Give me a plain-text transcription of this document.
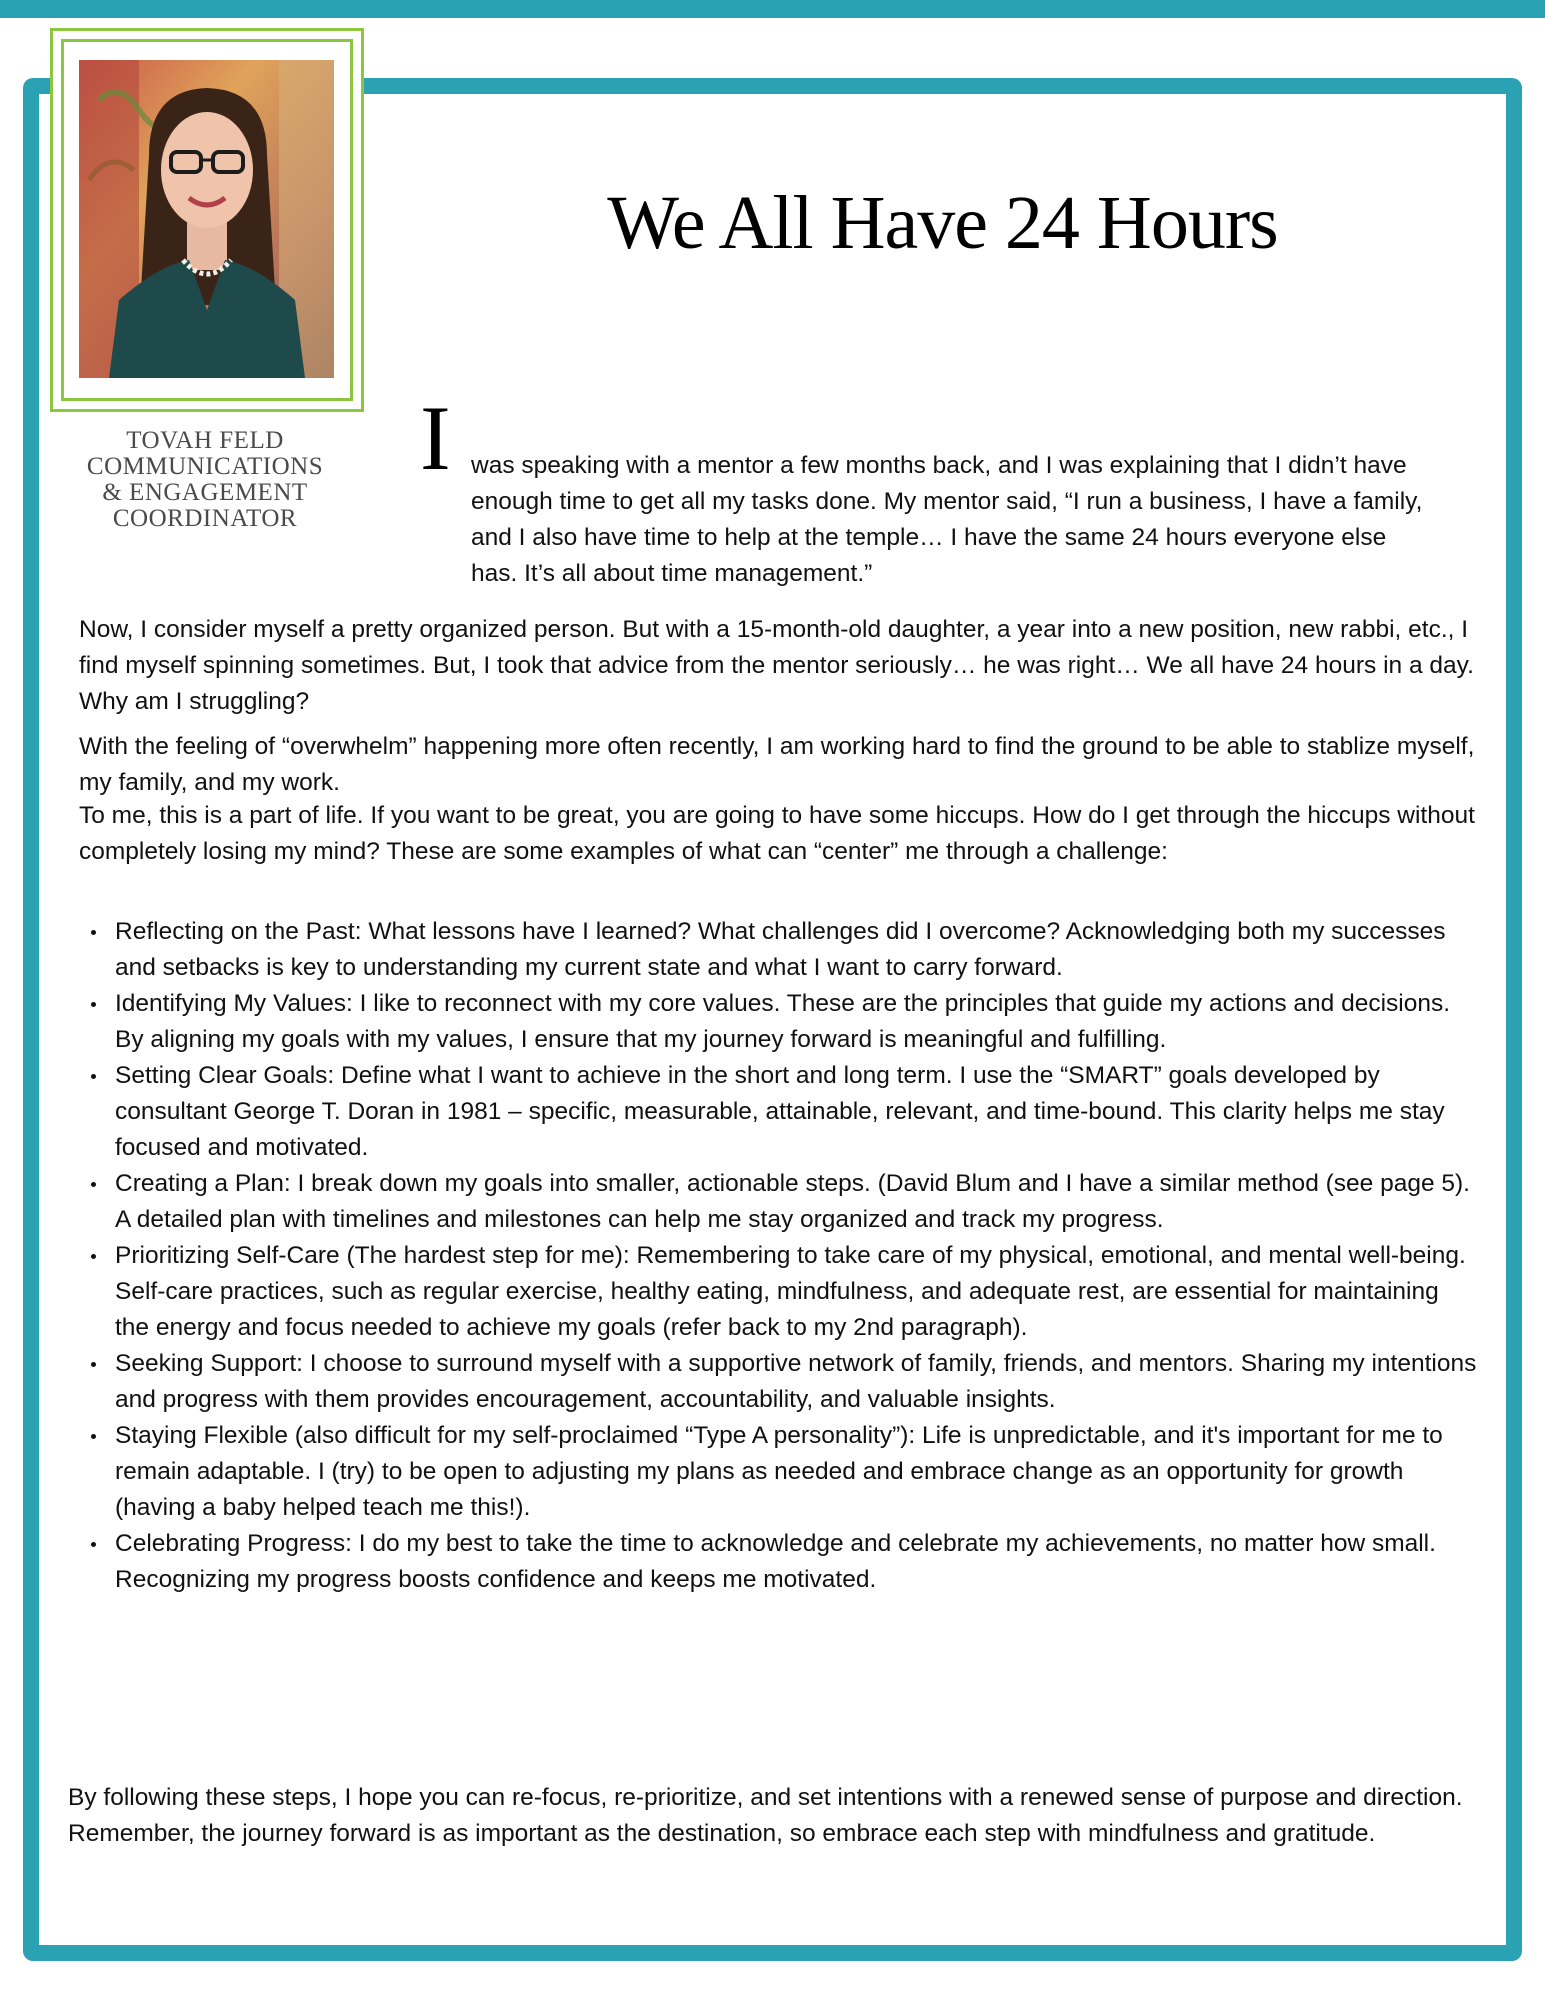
TOVAH FELD
COMMUNICATIONS
& ENGAGEMENT
COORDINATOR
We All Have 24 Hours
I was speaking with a mentor a few months back, and I was explaining that I didn’t have enough time to get all my tasks done. My mentor said, “I run a business, I have a family, and I also have time to help at the temple… I have the same 24 hours everyone else has. It’s all about time management.”

Now, I consider myself a pretty organized person. But with a 15-month-old daughter, a year into a new position, new rabbi, etc., I find myself spinning sometimes. But, I took that advice from the mentor seriously… he was right… We all have 24 hours in a day. Why am I struggling?

With the feeling of “overwhelm” happening more often recently, I am working hard to find the ground to be able to stablize myself, my family, and my work.

To me, this is a part of life. If you want to be great, you are going to have some hiccups. How do I get through the hiccups without completely losing my mind? These are some examples of what can “center” me through a challenge:

Reflecting on the Past: What lessons have I learned? What challenges did I overcome? Acknowledging both my successes and setbacks is key to understanding my current state and what I want to carry forward.
Identifying My Values: I like to reconnect with my core values. These are the principles that guide my actions and decisions. By aligning my goals with my values, I ensure that my journey forward is meaningful and fulfilling.
Setting Clear Goals: Define what I want to achieve in the short and long term. I use the “SMART” goals developed by consultant George T. Doran in 1981 – specific, measurable, attainable, relevant, and time-bound. This clarity helps me stay focused and motivated.
Creating a Plan: I break down my goals into smaller, actionable steps. (David Blum and I have a similar method (see page 5). A detailed plan with timelines and milestones can help me stay organized and track my progress.
Prioritizing Self-Care (The hardest step for me): Remembering to take care of my physical, emotional, and mental well-being. Self-care practices, such as regular exercise, healthy eating, mindfulness, and adequate rest, are essential for maintaining the energy and focus needed to achieve my goals (refer back to my 2nd paragraph).
Seeking Support: I choose to surround myself with a supportive network of family, friends, and mentors. Sharing my intentions and progress with them provides encouragement, accountability, and valuable insights.
Staying Flexible (also difficult for my self-proclaimed “Type A personality”): Life is unpredictable, and it's important for me to remain adaptable. I (try) to be open to adjusting my plans as needed and embrace change as an opportunity for growth (having a baby helped teach me this!).
Celebrating Progress: I do my best to take the time to acknowledge and celebrate my achievements, no matter how small. Recognizing my progress boosts confidence and keeps me motivated.

By following these steps, I hope you can re-focus, re-prioritize, and set intentions with a renewed sense of purpose and direction. Remember, the journey forward is as important as the destination, so embrace each step with mindfulness and gratitude.
